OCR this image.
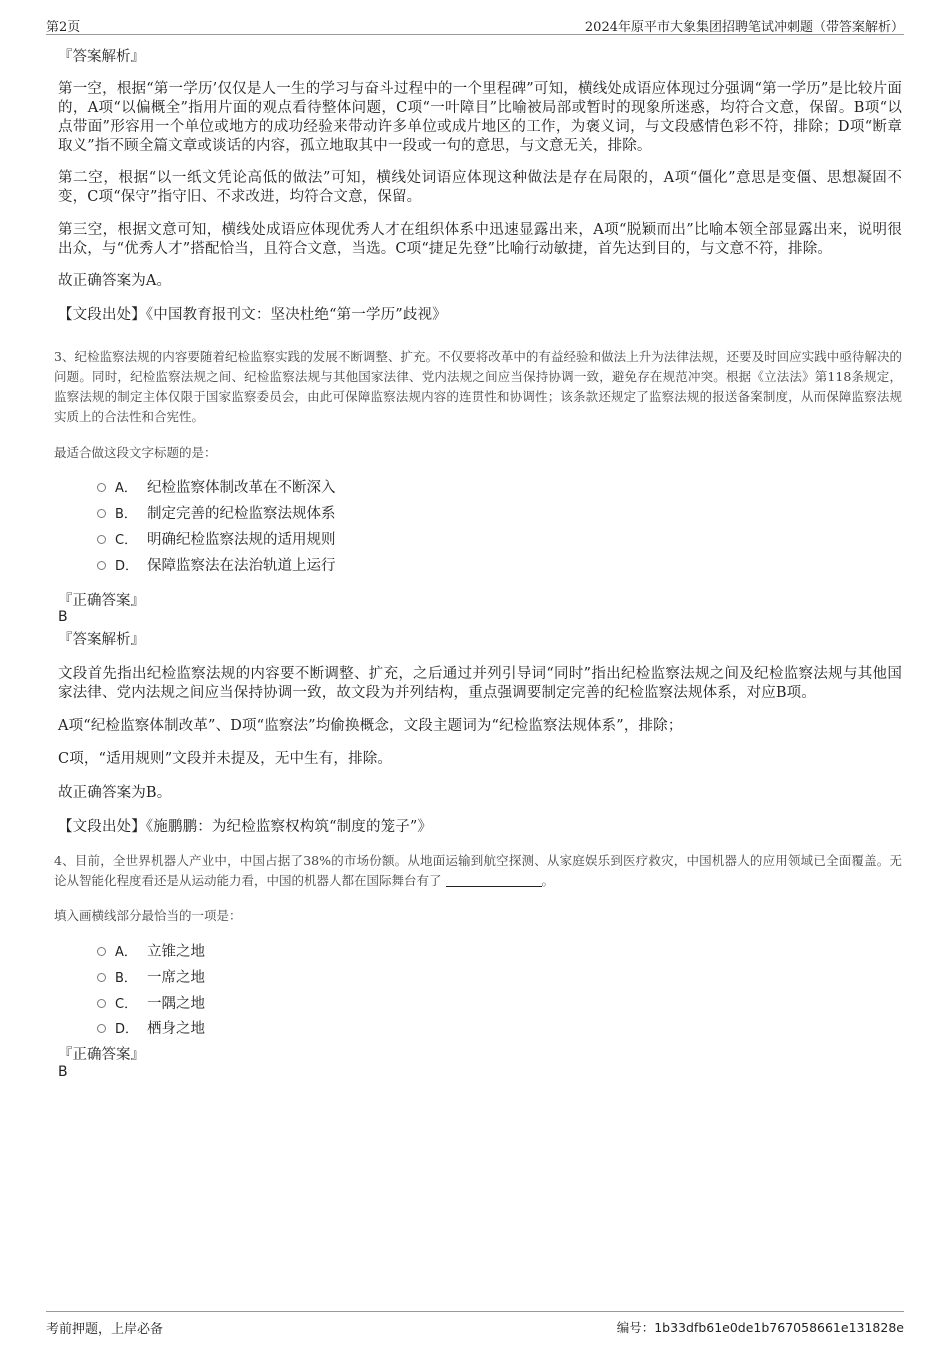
第2页	2024年原平市大象集团招聘笔试冲刺题（带答案解析）
『答案解析』

第一空，根据“第一学历’仅仅是人一生的学习与奋斗过程中的一个里程碑”可知，横线处成语应体现过分强调“第一学历”是比较片面的，A项“以偏概全”指用片面的观点看待整体问题，C项“一叶障目”比喻被局部或暂时的现象所迷惑，均符合文意，保留。B项“以点带面”形容用一个单位或地方的成功经验来带动许多单位或成片地区的工作，为褒义词，与文段感情色彩不符，排除；D项“断章取义”指不顾全篇文章或谈话的内容，孤立地取其中一段或一句的意思，与文意无关，排除。

第二空，根据“以一纸文凭论高低的做法”可知，横线处词语应体现这种做法是存在局限的，A项“僵化”意思是变僵、思想凝固不变，C项“保守”指守旧、不求改进，均符合文意，保留。

第三空，根据文意可知，横线处成语应体现优秀人才在组织体系中迅速显露出来，A项“脱颖而出”比喻本领全部显露出来，说明很出众，与“优秀人才”搭配恰当，且符合文意，当选。C项“捷足先登”比喻行动敏捷，首先达到目的，与文意不符，排除。

故正确答案为A。

【文段出处】《中国教育报刊文：坚决杜绝“第一学历”歧视》

3、纪检监察法规的内容要随着纪检监察实践的发展不断调整、扩充。不仅要将改革中的有益经验和做法上升为法律法规，还要及时回应实践中亟待解决的问题。同时，纪检监察法规之间、纪检监察法规与其他国家法律、党内法规之间应当保持协调一致，避免存在规范冲突。根据《立法法》第118条规定，监察法规的制定主体仅限于国家监察委员会，由此可保障监察法规内容的连贯性和协调性；该条款还规定了监察法规的报送备案制度，从而保障监察法规实质上的合法性和合宪性。
最适合做这段文字标题的是：
A． 纪检监察体制改革在不断深入
B． 制定完善的纪检监察法规体系
C． 明确纪检监察法规的适用规则
D． 保障监察法在法治轨道上运行
『正确答案』
B
『答案解析』

文段首先指出纪检监察法规的内容要不断调整、扩充，之后通过并列引导词“同时”指出纪检监察法规之间及纪检监察法规与其他国家法律、党内法规之间应当保持协调一致，故文段为并列结构，重点强调要制定完善的纪检监察法规体系，对应B项。

A项“纪检监察体制改革”、D项“监察法”均偷换概念，文段主题词为“纪检监察法规体系”，排除；

C项，“适用规则”文段并未提及，无中生有，排除。

故正确答案为B。

【文段出处】《施鹏鹏：为纪检监察权构筑“制度的笼子”》

4、目前，全世界机器人产业中，中国占据了38%的市场份额。从地面运输到航空探测、从家庭娱乐到医疗救灾，中国机器人的应用领域已全面覆盖。无论从智能化程度看还是从运动能力看，中国的机器人都在国际舞台有了	。
填入画横线部分最恰当的一项是：
A． 立锥之地
B． 一席之地
C． 一隅之地
D． 栖身之地
『正确答案』
B
考前押题，上岸必备	编号：1b33dfb61e0de1b767058661e131828e
